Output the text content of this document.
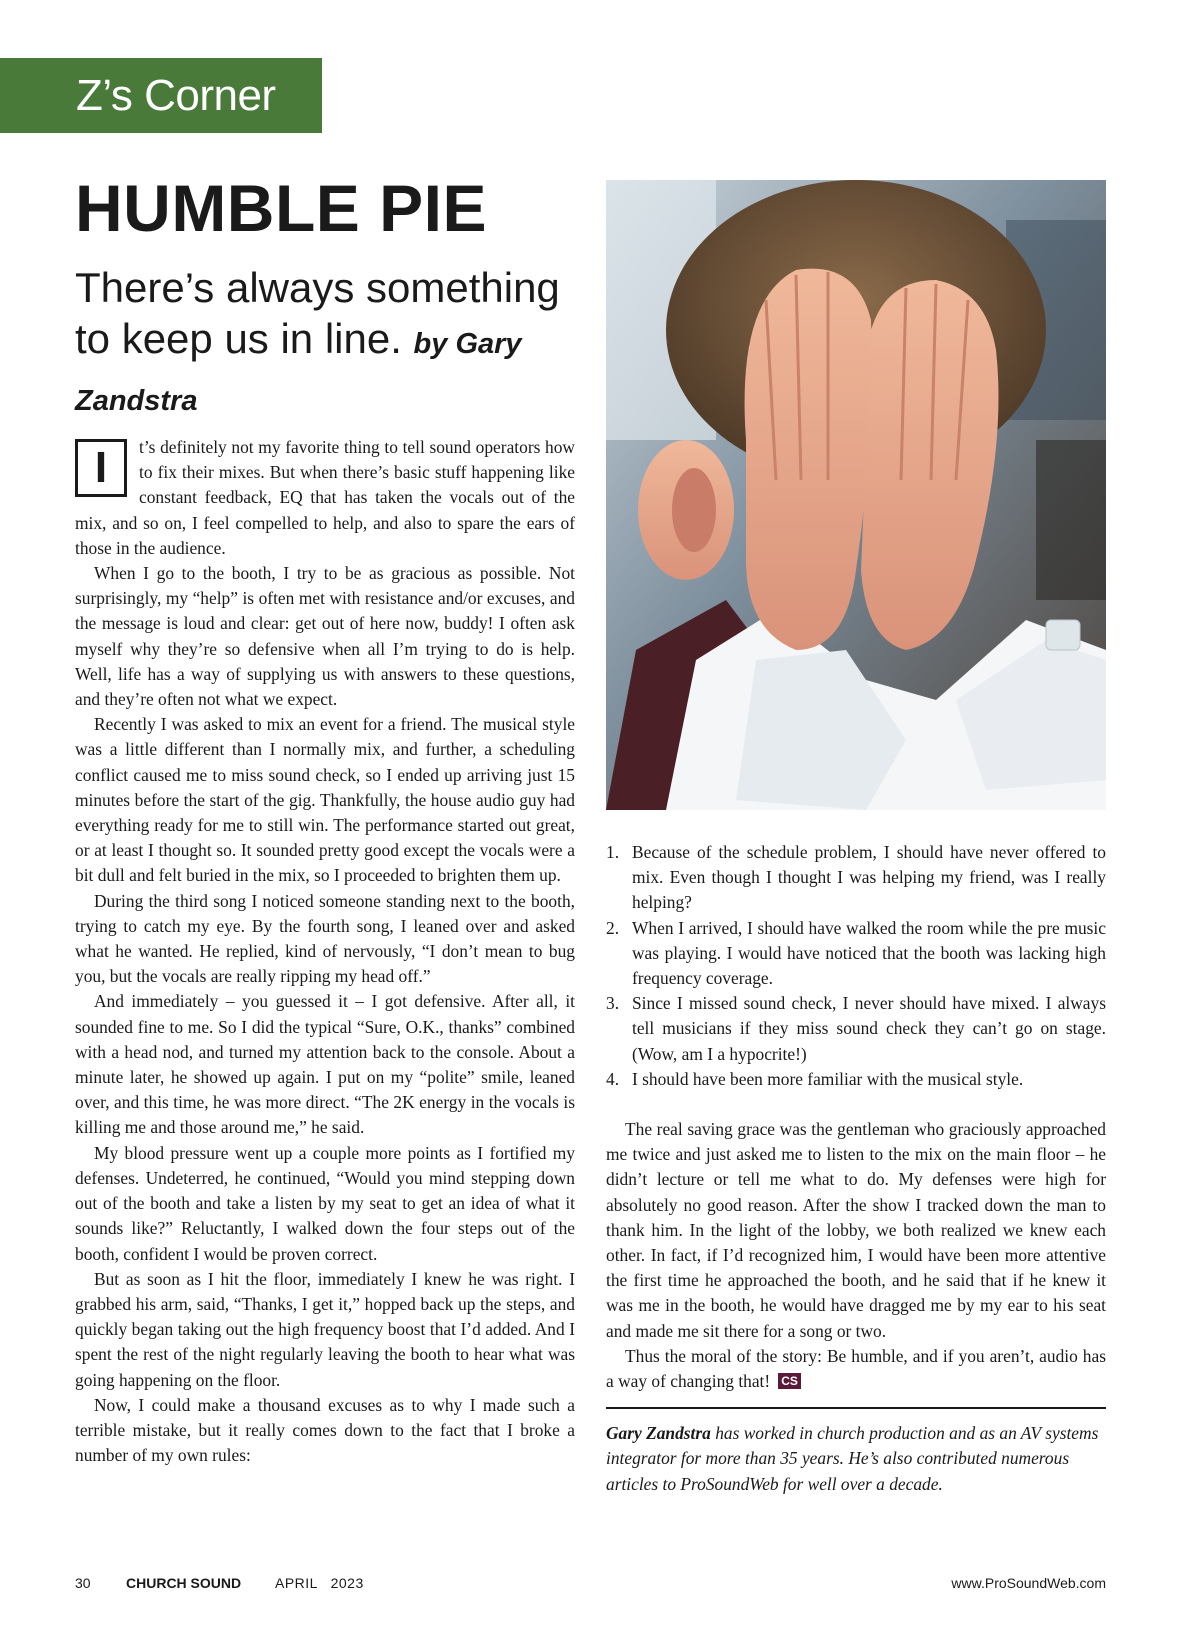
Z’s Corner
HUMBLE PIE
There’s always something to keep us in line. by Gary Zandstra

I	t’s definitely not my favorite thing to tell sound operators how to fix their mixes. But when there’s basic stuff happening like constant feedback, EQ that has taken the vocals out of the mix, and so on, I feel compelled to help, and also to spare the ears of those in the audience.

When I go to the booth, I try to be as gracious as possible. Not surprisingly, my “help” is often met with resistance and/or excuses, and the message is loud and clear: get out of here now, buddy! I often ask myself why they’re so defensive when all I’m trying to do is help. Well, life has a way of supplying us with answers to these questions, and they’re often not what we expect.

Recently I was asked to mix an event for a friend. The musical style was a little different than I normally mix, and further, a scheduling conflict caused me to miss sound check, so I ended up arriving just 15 minutes before the start of the gig. Thankfully, the house audio guy had everything ready for me to still win. The performance started out great, or at least I thought so. It sounded pretty good except the vocals were a bit dull and felt buried in the mix, so I proceeded to brighten them up.

During the third song I noticed someone standing next to the booth, trying to catch my eye. By the fourth song, I leaned over and asked what he wanted. He replied, kind of nervously, “I don’t mean to bug you, but the vocals are really ripping my head off.”

And immediately – you guessed it – I got defensive. After all, it sounded fine to me. So I did the typical “Sure, O.K., thanks” combined with a head nod, and turned my attention back to the console. About a minute later, he showed up again. I put on my “polite” smile, leaned over, and this time, he was more direct. “The 2K energy in the vocals is killing me and those around me,” he said.

My blood pressure went up a couple more points as I fortified my defenses. Undeterred, he continued, “Would you mind stepping down out of the booth and take a listen by my seat to get an idea of what it sounds like?” Reluctantly, I walked down the four steps out of the booth, confident I would be proven correct.

But as soon as I hit the floor, immediately I knew he was right. I grabbed his arm, said, “Thanks, I get it,” hopped back up the steps, and quickly began taking out the high frequency boost that I’d added. And I spent the rest of the night regularly leaving the booth to hear what was going happening on the floor.

Now, I could make a thousand excuses as to why I made such a terrible mistake, but it really comes down to the fact that I broke a number of my own rules:

1. Because of the schedule problem, I should have never offered to mix. Even though I thought I was helping my friend, was I really helping?
2. When I arrived, I should have walked the room while the pre music was playing. I would have noticed that the booth was lacking high frequency coverage.
3. Since I missed sound check, I never should have mixed. I always tell musicians if they miss sound check they can’t go on stage. (Wow, am I a hypocrite!)
4. I should have been more familiar with the musical style.

The real saving grace was the gentleman who graciously approached me twice and just asked me to listen to the mix on the main floor – he didn’t lecture or tell me what to do. My defenses were high for absolutely no good reason. After the show I tracked down the man to thank him. In the light of the lobby, we both realized we knew each other. In fact, if I’d recognized him, I would have been more attentive the first time he approached the booth, and he said that if he knew it was me in the booth, he would have dragged me by my ear to his seat and made me sit there for a song or two.

Thus the moral of the story: Be humble, and if you aren’t, audio has a way of changing that! CS

Gary Zandstra has worked in church production and as an AV systems integrator for more than 35 years. He’s also contributed numerous articles to ProSoundWeb for well over a decade.

30	CHURCH SOUND APRIL   2023	www.ProSoundWeb.com
